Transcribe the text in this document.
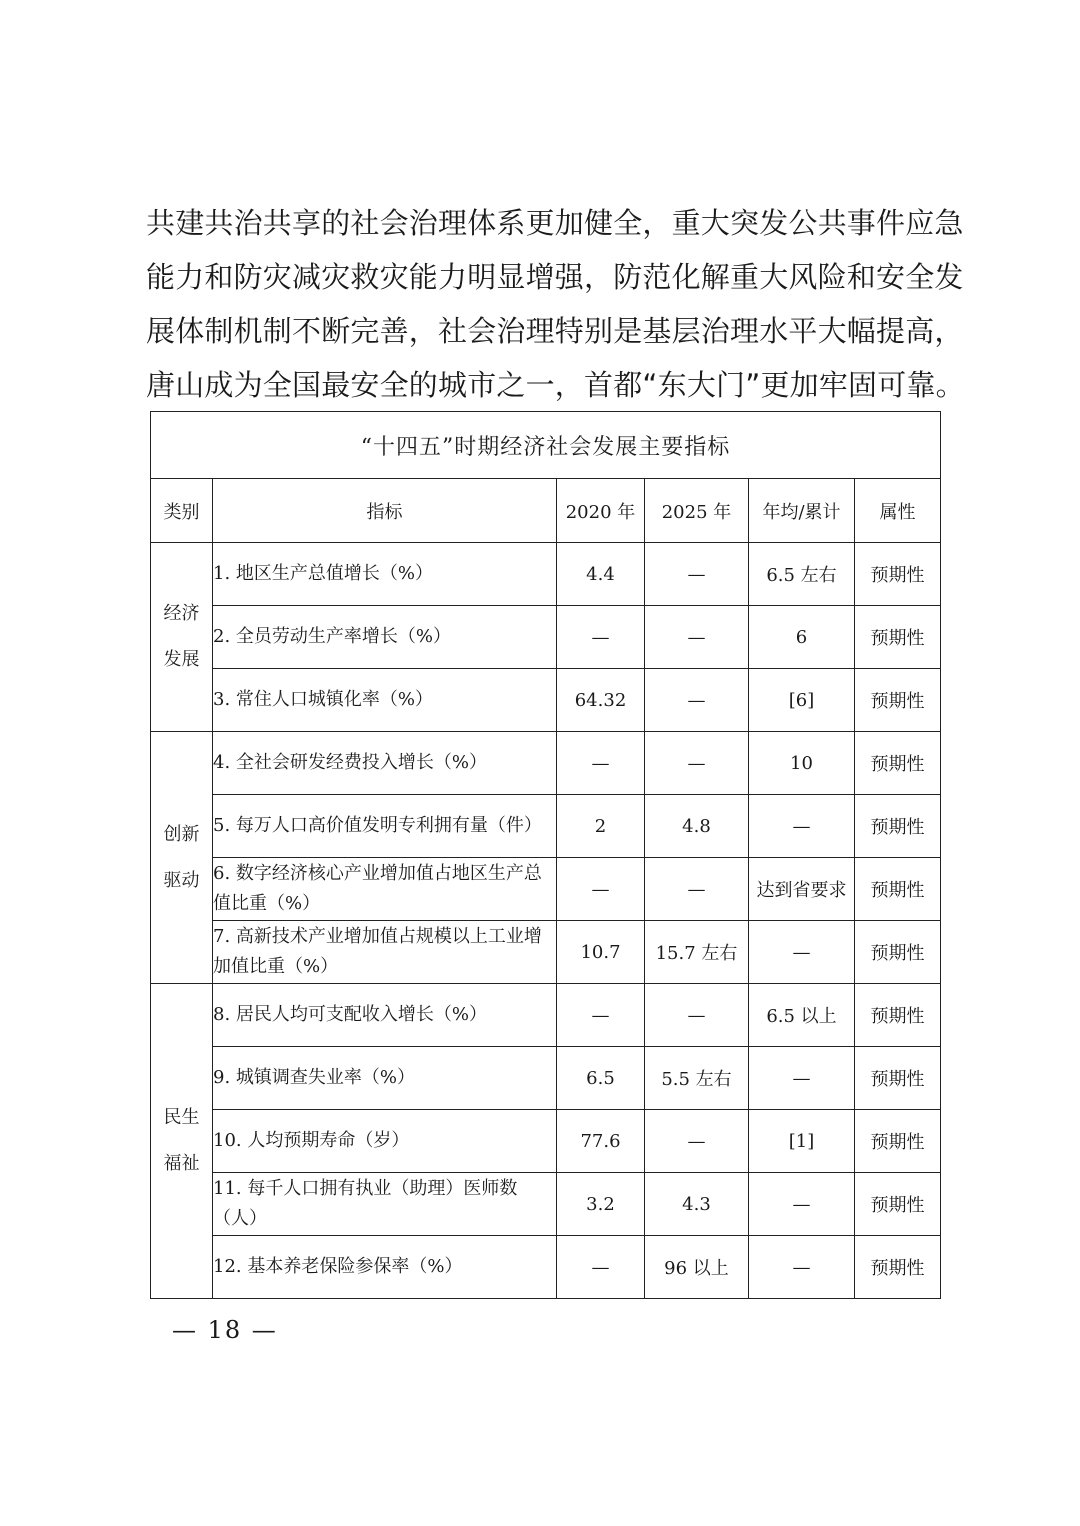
共建共治共享的社会治理体系更加健全，重大突发公共事件应急
能力和防灾减灾救灾能力明显增强，防范化解重大风险和安全发
展体制机制不断完善，社会治理特别是基层治理水平大幅提高，
唐山成为全国最安全的城市之一，首都“东大门”更加牢固可靠。

“十四五”时期经济社会发展主要指标					
类别	指标	2020 年	2025 年	年均/累计	属性

经济
发展	1. 地区生产总值增长（%）	4.4	—	6.5 左右	预期性
	2. 全员劳动生产率增长（%）	—	—	6	预期性
	3. 常住人口城镇化率（%）	64.32	—	[6]	预期性

创新
驱动	4. 全社会研发经费投入增长（%）	—	—	10	预期性
	5. 每万人口高价值发明专利拥有量（件）	2	4.8	—	预期性
	6. 数字经济核心产业增加值占地区生产总值比重（%）	—	—	达到省要求	预期性
	7. 高新技术产业增加值占规模以上工业增加值比重（%）	10.7	15.7 左右	—	预期性

民生
福祉	8. 居民人均可支配收入增长（%）	—	—	6.5 以上	预期性
	9. 城镇调查失业率（%）	6.5	5.5 左右	—	预期性
	10. 人均预期寿命（岁）	77.6	—	[1]	预期性
	11. 每千人口拥有执业（助理）医师数（人）	3.2	4.3	—	预期性
	12. 基本养老保险参保率（%）	—	96 以上	—	预期性
— 18 —
